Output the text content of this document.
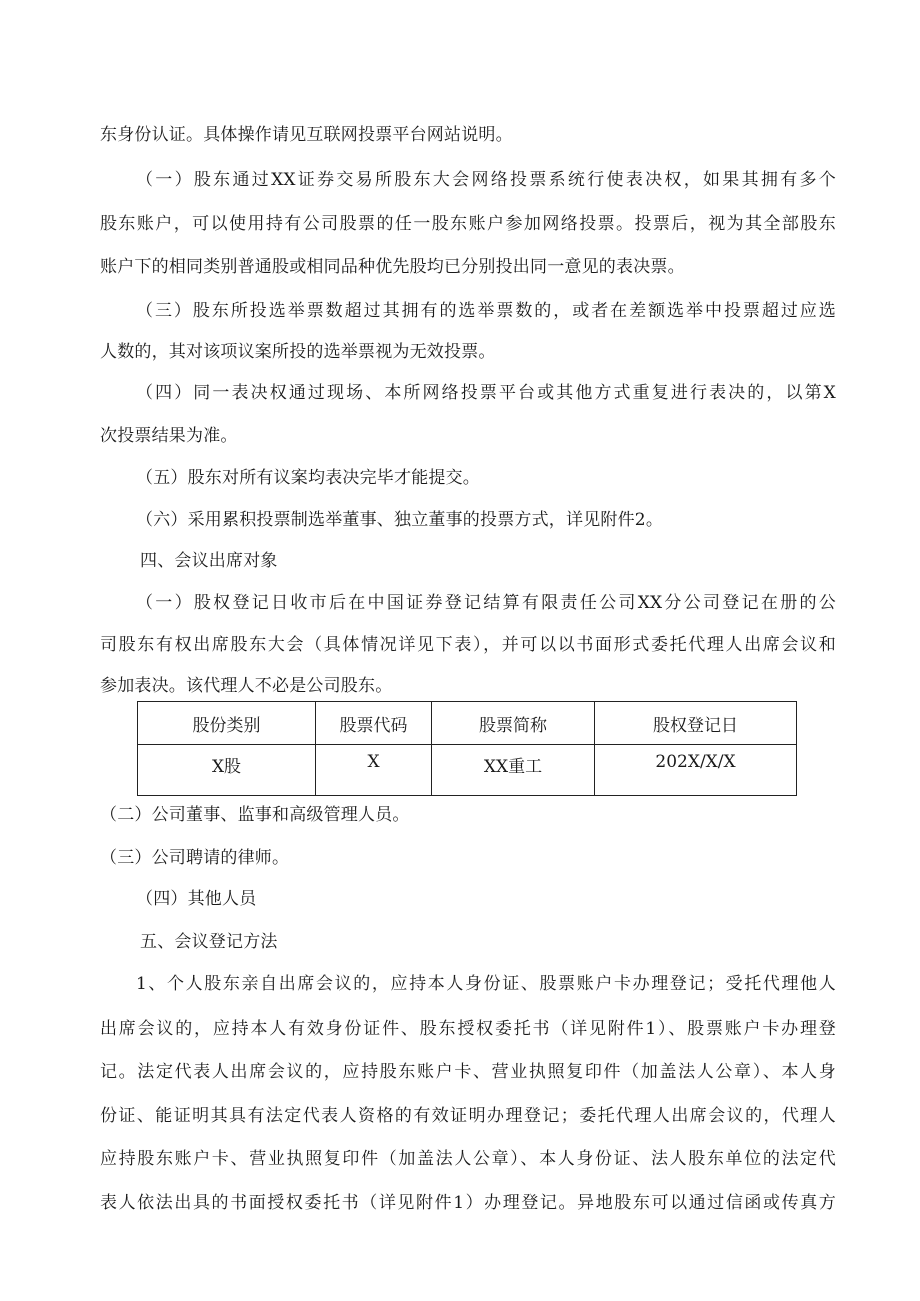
东身份认证。具体操作请见互联网投票平台网站说明。
（一）股东通过XX证券交易所股东大会网络投票系统行使表决权，如果其拥有多个
股东账户，可以使用持有公司股票的任一股东账户参加网络投票。投票后，视为其全部股东
账户下的相同类别普通股或相同品种优先股均已分别投出同一意见的表决票。
（三）股东所投选举票数超过其拥有的选举票数的，或者在差额选举中投票超过应选
人数的，其对该项议案所投的选举票视为无效投票。
（四）同一表决权通过现场、本所网络投票平台或其他方式重复进行表决的，以第X
次投票结果为准。
（五）股东对所有议案均表决完毕才能提交。
（六）采用累积投票制选举董事、独立董事的投票方式，详见附件2。
四、会议出席对象
（一）股权登记日收市后在中国证券登记结算有限责任公司XX分公司登记在册的公
司股东有权出席股东大会（具体情况详见下表），并可以以书面形式委托代理人出席会议和
参加表决。该代理人不必是公司股东。
股份类别	股票代码	股票简称	股权登记日
X股	X	XX重工	202X/X/X
（二）公司董事、监事和高级管理人员。
（三）公司聘请的律师。
（四）其他人员
五、会议登记方法
1、个人股东亲自出席会议的，应持本人身份证、股票账户卡办理登记；受托代理他人
出席会议的，应持本人有效身份证件、股东授权委托书（详见附件1）、股票账户卡办理登
记。法定代表人出席会议的，应持股东账户卡、营业执照复印件（加盖法人公章）、本人身
份证、能证明其具有法定代表人资格的有效证明办理登记；委托代理人出席会议的，代理人
应持股东账户卡、营业执照复印件（加盖法人公章）、本人身份证、法人股东单位的法定代
表人依法出具的书面授权委托书（详见附件1）办理登记。异地股东可以通过信函或传真方
